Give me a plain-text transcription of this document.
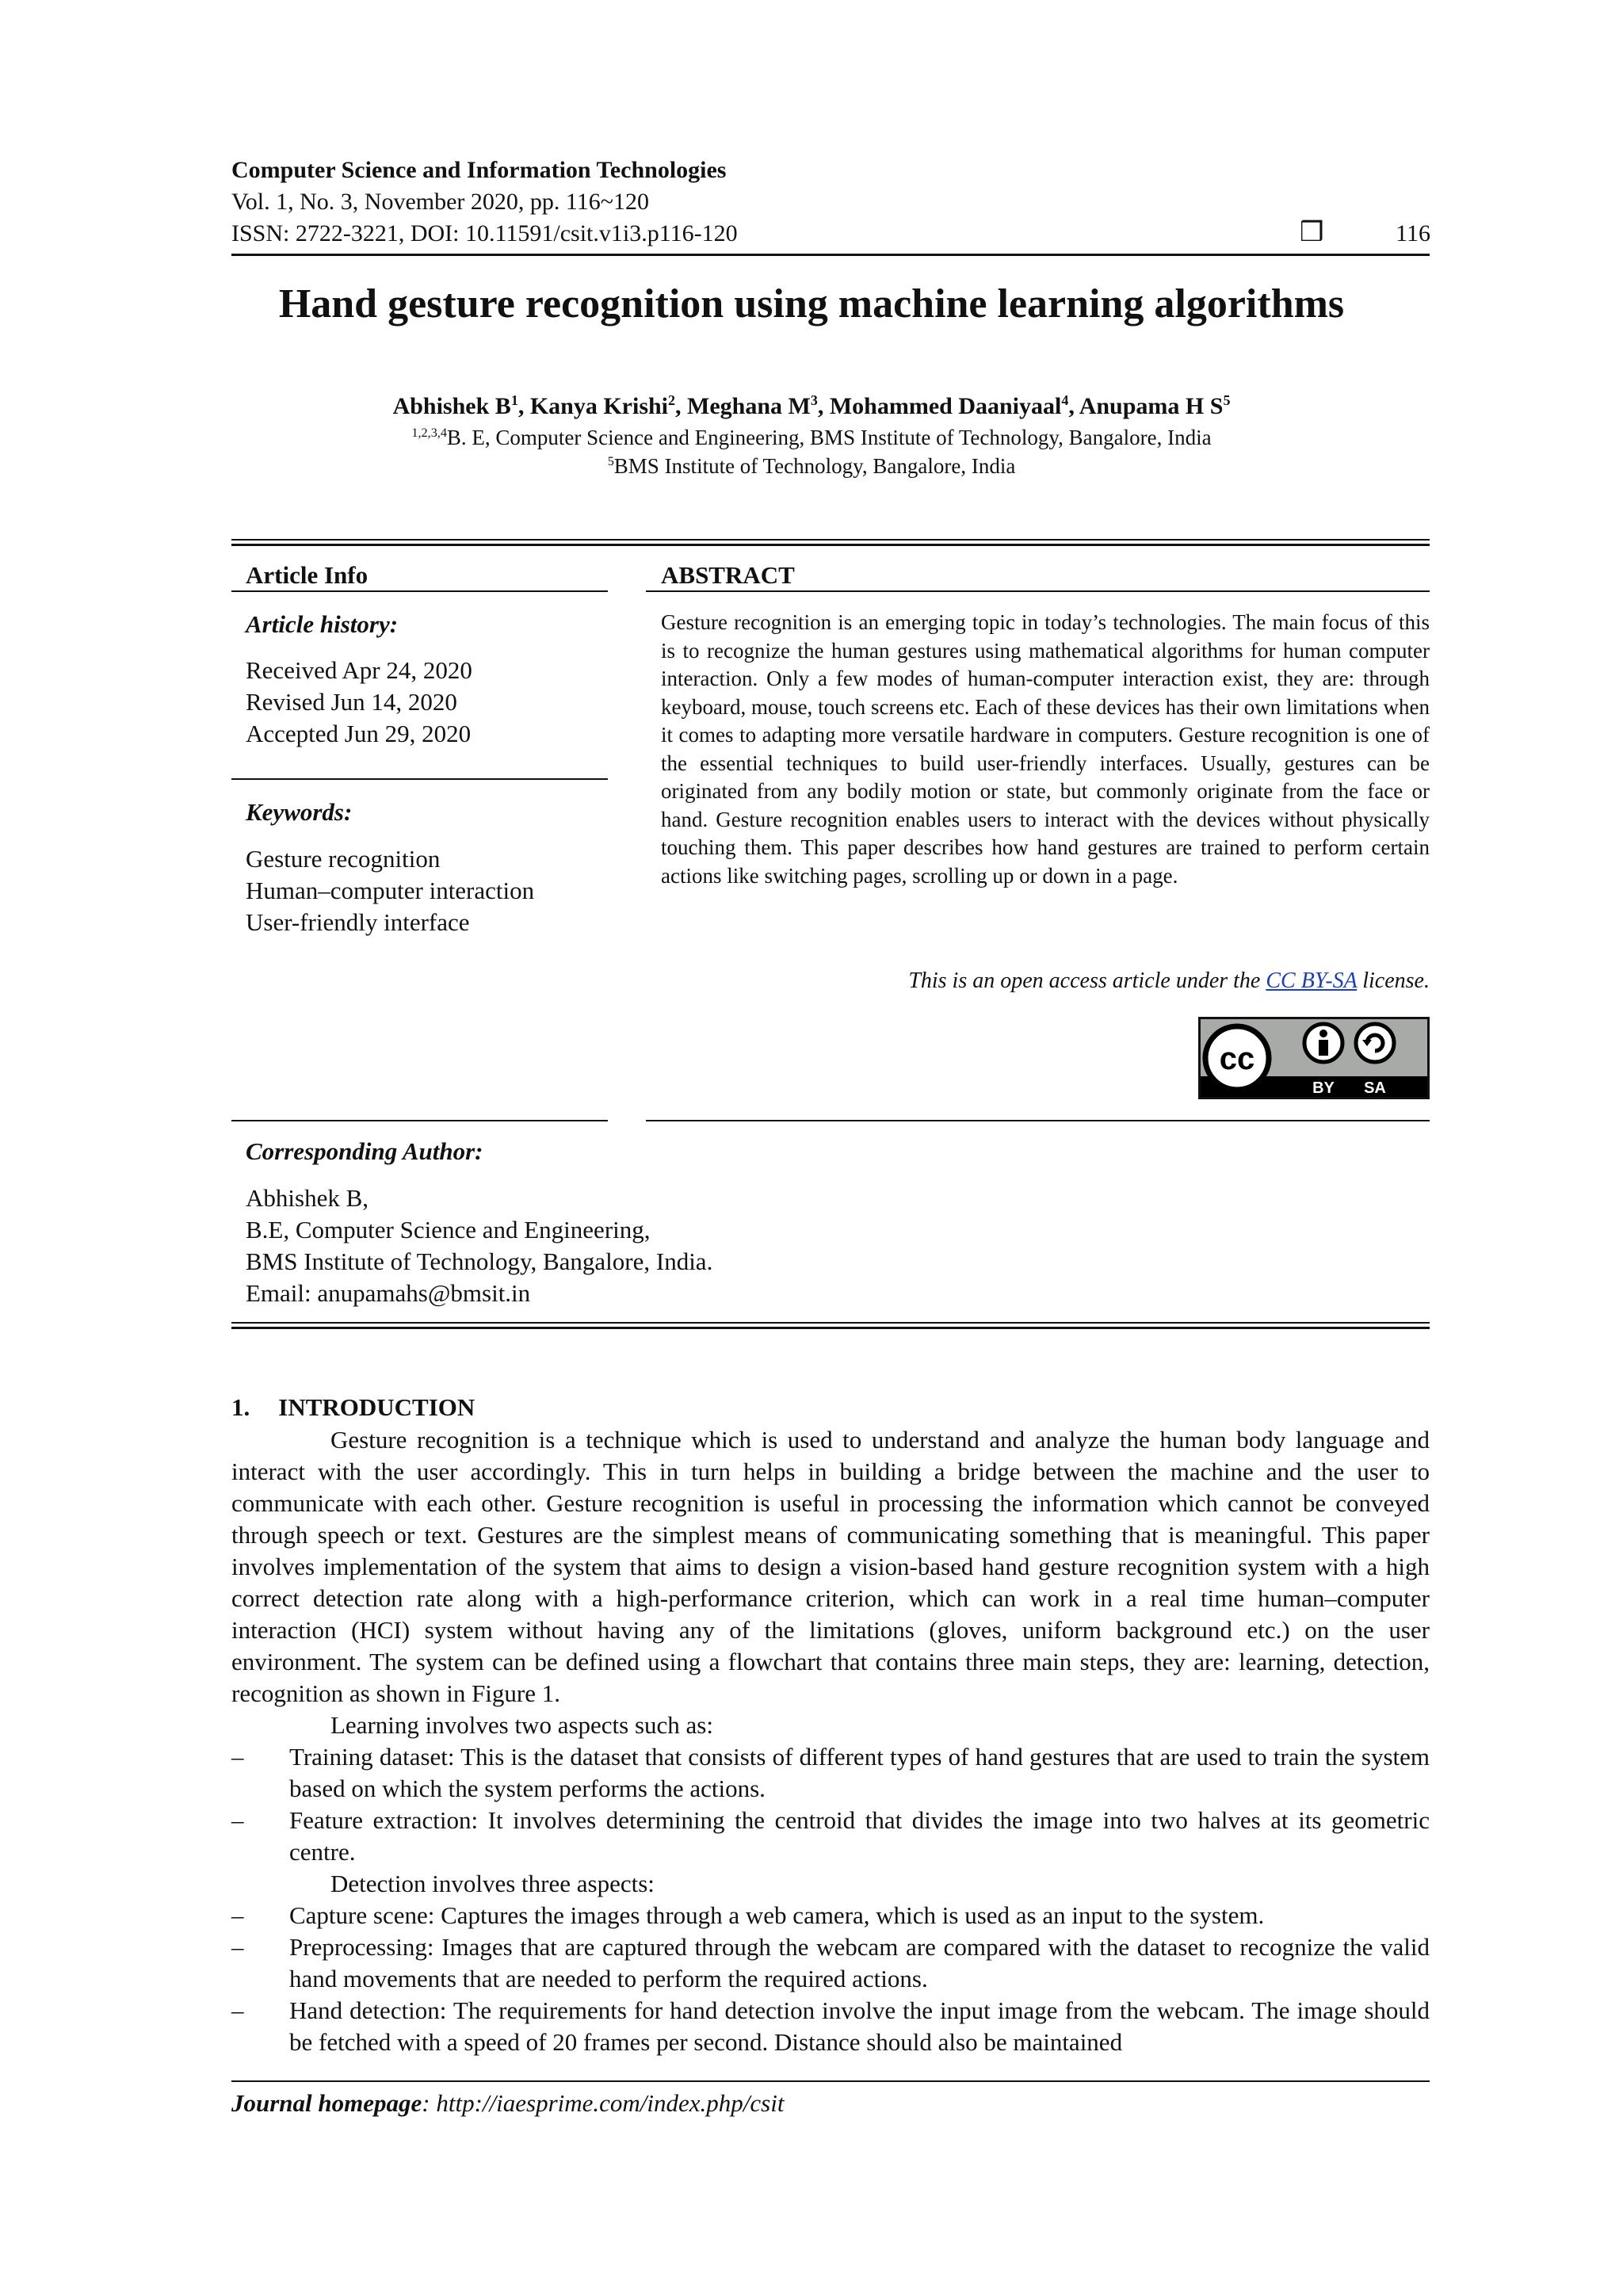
Computer Science and Information Technologies
Vol. 1, No. 3, November 2020, pp. 116~120
ISSN: 2722-3221, DOI: 10.11591/csit.v1i3.p116-120	❒	116
Hand gesture recognition using machine learning algorithms
Abhishek $B^1$, Kanya Krishi$^2$, Meghana $M^3$, Mohammed Daaniyaal$^4$, Anupama H $S^5$
$^{1,2,3,4}$B. E, Computer Science and Engineering, BMS Institute of Technology, Bangalore, India
$^5$BMS Institute of Technology, Bangalore, India
Article Info
Article history:
Received Apr 24, 2020
Revised Jun 14, 2020
Accepted Jun 29, 2020
Keywords:
Gesture recognition
Human–computer interaction
User-friendly interface
ABSTRACT
Gesture recognition is an emerging topic in today’s technologies. The main focus of this is to recognize the human gestures using mathematical algorithms for human computer interaction. Only a few modes of human-computer interaction exist, they are: through keyboard, mouse, touch screens etc. Each of these devices has their own limitations when it comes to adapting more versatile hardware in computers. Gesture recognition is one of the essential techniques to build user-friendly interfaces. Usually, gestures can be originated from any bodily motion or state, but commonly originate from the face or hand. Gesture recognition enables users to interact with the devices without physically touching them. This paper describes how hand gestures are trained to perform certain actions like switching pages, scrolling up or down in a page.
This is an open access article under the CC BY-SA license.
cc
BY SA
Corresponding Author:
Abhishek B,
B.E, Computer Science and Engineering,
BMS Institute of Technology, Bangalore, India.
Email: anupamahs@bmsit.in
1. INTRODUCTION

Gesture recognition is a technique which is used to understand and analyze the human body language and interact with the user accordingly. This in turn helps in building a bridge between the machine and the user to communicate with each other. Gesture recognition is useful in processing the information which cannot be conveyed through speech or text. Gestures are the simplest means of communicating something that is meaningful. This paper involves implementation of the system that aims to design a vision-based hand gesture recognition system with a high correct detection rate along with a high-performance criterion, which can work in a real time human–computer interaction (HCI) system without having any of the limitations (gloves, uniform background etc.) on the user environment. The system can be defined using a flowchart that contains three main steps, they are: learning, detection, recognition as shown in Figure 1.

Learning involves two aspects such as:

– Training dataset: This is the dataset that consists of different types of hand gestures that are used to train the system based on which the system performs the actions.
– Feature extraction: It involves determining the centroid that divides the image into two halves at its geometric centre.

Detection involves three aspects:

– Capture scene: Captures the images through a web camera, which is used as an input to the system.
– Preprocessing: Images that are captured through the webcam are compared with the dataset to recognize the valid hand movements that are needed to perform the required actions.
– Hand detection: The requirements for hand detection involve the input image from the webcam. The image should be fetched with a speed of 20 frames per second. Distance should also be maintained
Journal homepage: http://iaesprime.com/index.php/csit
